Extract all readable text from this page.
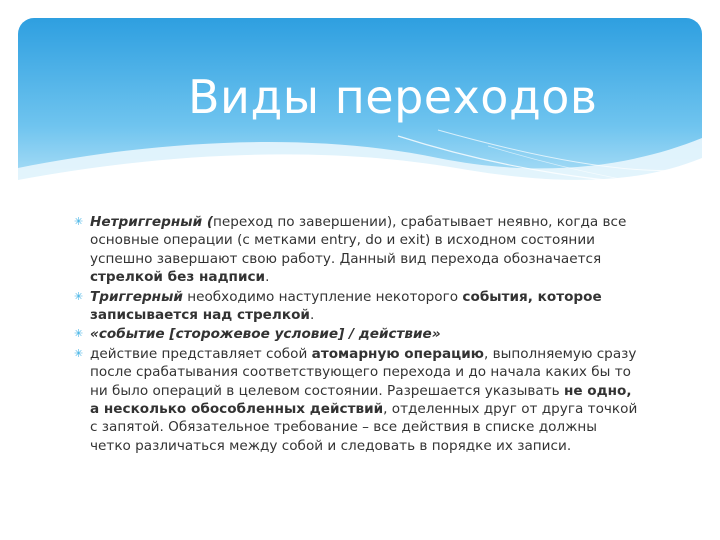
Виды переходов
✳ Нетриггерный (переход по завершении), срабатывает неявно, когда все основные операции (с метками entry, do и exit) в исходном состоянии успешно завершают свою работу. Данный вид перехода обозначается стрелкой без надписи.
✳ Триггерный необходимо наступление некоторого события, которое записывается над стрелкой.
✳ «событие [сторожевое условие] / действие»
✳ действие представляет собой атомарную операцию, выполняемую сразу после срабатывания соответствующего перехода и до начала каких бы то ни было операций в целевом состоянии. Разрешается указывать не одно, а несколько обособленных действий, отделенных друг от друга точкой с запятой. Обязательное требование – все действия в списке должны четко различаться между собой и следовать в порядке их записи.
